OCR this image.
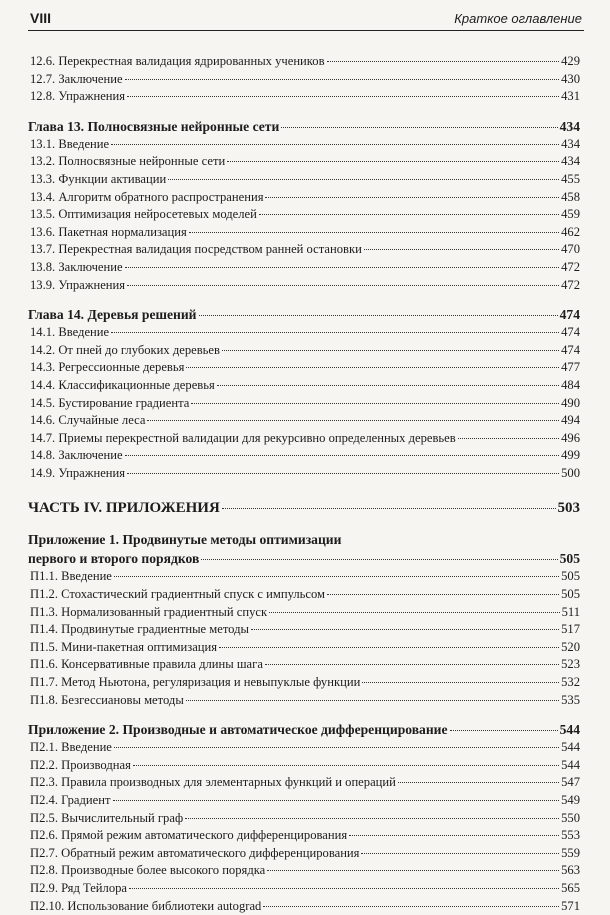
VIII	Краткое оглавление
12.6. Перекрестная валидация ядрированных учеников	429
12.7. Заключение	430
12.8. Упражнения	431
Глава 13. Полносвязные нейронные сети	434
13.1. Введение	434
13.2. Полносвязные нейронные сети	434
13.3. Функции активации	455
13.4. Алгоритм обратного распространения	458
13.5. Оптимизация нейросетевых моделей	459
13.6. Пакетная нормализация	462
13.7. Перекрестная валидация посредством ранней остановки	470
13.8. Заключение	472
13.9. Упражнения	472
Глава 14. Деревья решений	474
14.1. Введение	474
14.2. От пней до глубоких деревьев	474
14.3. Регрессионные деревья	477
14.4. Классификационные деревья	484
14.5. Бустирование градиента	490
14.6. Случайные леса	494
14.7. Приемы перекрестной валидации для рекурсивно определенных деревьев	496
14.8. Заключение	499
14.9. Упражнения	500
ЧАСТЬ IV. ПРИЛОЖЕНИЯ	503
Приложение 1. Продвинутые методы оптимизации
первого и второго порядков	505
П1.1. Введение	505
П1.2. Стохастический градиентный спуск с импульсом	505
П1.3. Нормализованный градиентный спуск	511
П1.4. Продвинутые градиентные методы	517
П1.5. Мини-пакетная оптимизация	520
П1.6. Консервативные правила длины шага	523
П1.7. Метод Ньютона, регуляризация и невыпуклые функции	532
П1.8. Безгессиановы методы	535
Приложение 2. Производные и автоматическое дифференцирование	544
П2.1. Введение	544
П2.2. Производная	544
П2.3. Правила производных для элементарных функций и операций	547
П2.4. Градиент	549
П2.5. Вычислительный граф	550
П2.6. Прямой режим автоматического дифференцирования	553
П2.7. Обратный режим автоматического дифференцирования	559
П2.8. Производные более высокого порядка	563
П2.9. Ряд Тейлора	565
П2.10. Использование библиотеки autograd	571
